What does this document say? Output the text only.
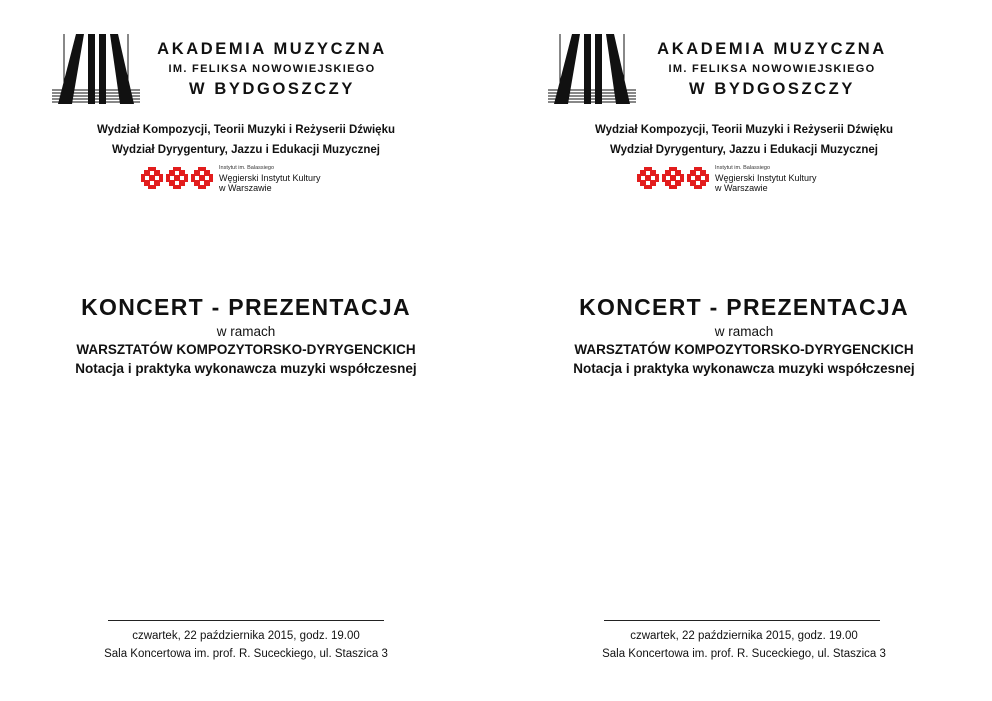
AKADEMIA MUZYCZNA
IM. FELIKSA NOWOWIEJSKIEGO
W BYDGOSZCZY
Wydział Kompozycji, Teorii Muzyki i Reżyserii Dźwięku
Wydział Dyrygentury, Jazzu i Edukacji Muzycznej
Instytut im. Balassiego
Węgierski Instytut Kultury
w Warszawie
KONCERT - PREZENTACJA
w ramach
WARSZTATÓW KOMPOZYTORSKO-DYRYGENCKICH
Notacja i praktyka wykonawcza muzyki współczesnej
czwartek, 22 października 2015, godz. 19.00
Sala Koncertowa im. prof. R. Suceckiego, ul. Staszica 3
AKADEMIA MUZYCZNA
IM. FELIKSA NOWOWIEJSKIEGO
W BYDGOSZCZY
Wydział Kompozycji, Teorii Muzyki i Reżyserii Dźwięku
Wydział Dyrygentury, Jazzu i Edukacji Muzycznej
Instytut im. Balassiego
Węgierski Instytut Kultury
w Warszawie
KONCERT - PREZENTACJA
w ramach
WARSZTATÓW KOMPOZYTORSKO-DYRYGENCKICH
Notacja i praktyka wykonawcza muzyki współczesnej
czwartek, 22 października 2015, godz. 19.00
Sala Koncertowa im. prof. R. Suceckiego, ul. Staszica 3
